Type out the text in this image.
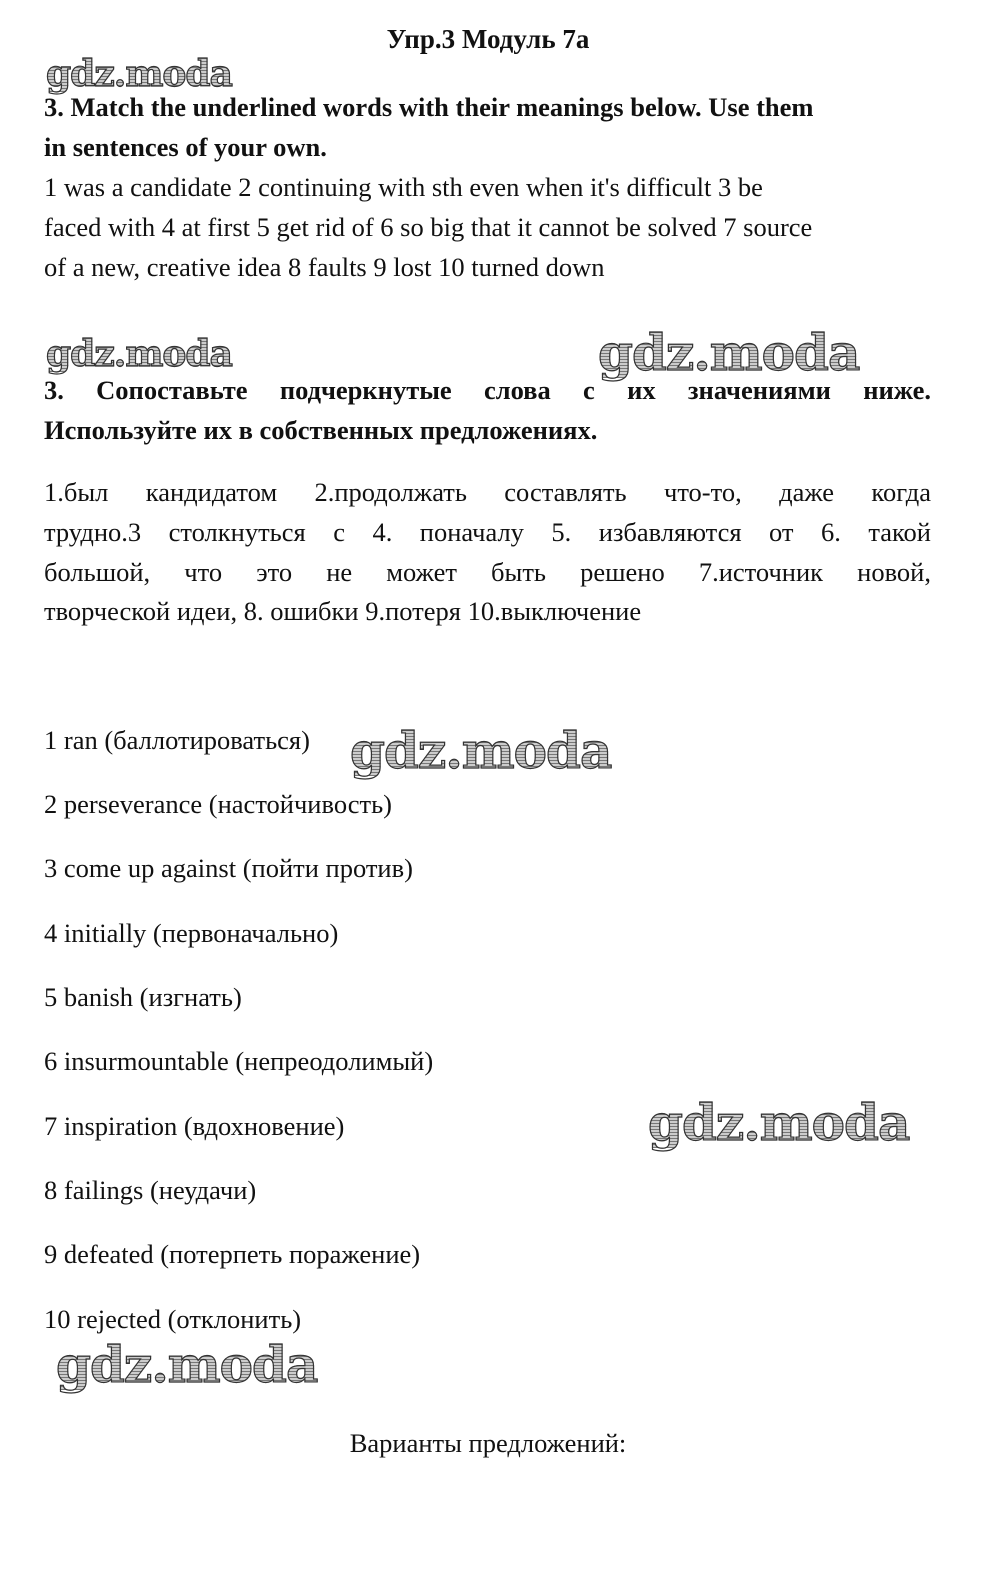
Упр.3 Модуль 7a
gdz.moda
3. Match the underlined words with their meanings below. Use them
in sentences of your own.
1 was a candidate 2 continuing with sth even when it's difficult 3 be
faced with 4 at first 5 get rid of 6 so big that it cannot be solved 7 source
of a new, creative idea 8 faults 9 lost 10 turned down
gdz.moda	gdz.moda
3. Сопоставьте подчеркнутые слова с их значениями ниже.
Используйте их в собственных предложениях.
1.был кандидатом 2.продолжать составлять что-то, даже когда
трудно.3 столкнуться с 4. поначалу 5. избавляются от 6. такой
большой, что это не может быть решено 7.источник новой,
творческой идеи, 8. ошибки 9.потеря 10.выключение
1 ran (баллотироваться)
2 perseverance (настойчивость)
3 come up against (пойти против)
4 initially (первоначально)
5 banish (изгнать)
6 insurmountable (непреодолимый)
7 inspiration (вдохновение)
8 failings (неудачи)
9 defeated (потерпеть поражение)
10 rejected (отклонить)
gdz.moda
gdz.moda
gdz.moda
Варианты предложений:
